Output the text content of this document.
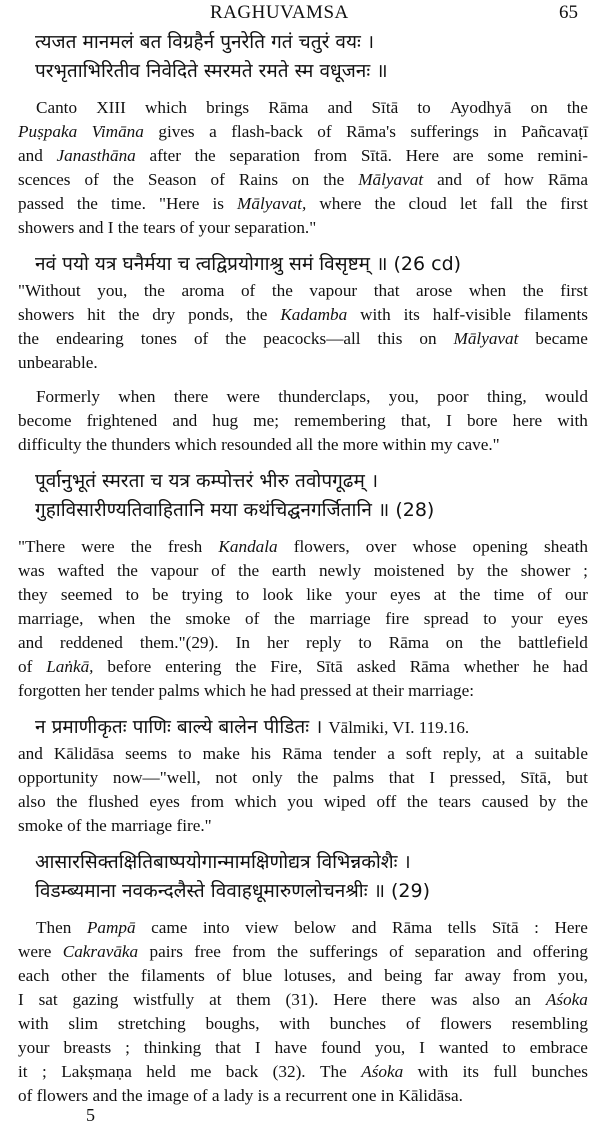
RAGHUVAMSA	65
त्यजत मानमलं बत विग्रहैर्न पुनरेति गतं चतुरं वयः ।
परभृताभिरितीव निवेदिते स्मरमते रमते स्म वधूजनः ॥
Canto XIII which brings Rāma and Sītā to Ayodhyā on the
Puṣpaka Vimāna gives a flash-back of Rāma's sufferings in Pañcavaṭī
and Janasthāna after the separation from Sītā. Here are some remini-
scences of the Season of Rains on the Mālyavat and of how Rāma
passed the time. "Here is Mālyavat, where the cloud let fall the first
showers and I the tears of your separation."
नवं पयो यत्र घनैर्मया च त्वद्विप्रयोगाश्रु समं विसृष्टम् ॥ (26 cd)
"Without you, the aroma of the vapour that arose when the first
showers hit the dry ponds, the Kadamba with its half-visible filaments
the endearing tones of the peacocks—all this on Mālyavat became
unbearable.
Formerly when there were thunderclaps, you, poor thing, would
become frightened and hug me; remembering that, I bore here with
difficulty the thunders which resounded all the more within my cave."
पूर्वानुभूतं स्मरता च यत्र कम्पोत्तरं भीरु तवोपगूढम् ।
गुहाविसारीण्यतिवाहितानि मया कथंचिद्घनगर्जितानि ॥ (28)
"There were the fresh Kandala flowers, over whose opening sheath
was wafted the vapour of the earth newly moistened by the shower ;
they seemed to be trying to look like your eyes at the time of our
marriage, when the smoke of the marriage fire spread to your eyes
and reddened them."(29). In her reply to Rāma on the battlefield
of Laṅkā, before entering the Fire, Sītā asked Rāma whether he had
forgotten her tender palms which he had pressed at their marriage:
न प्रमाणीकृतः पाणिः बाल्ये बालेन पीडितः । Vālmiki, VI. 119.16.
and Kālidāsa seems to make his Rāma tender a soft reply, at a suitable
opportunity now—"well, not only the palms that I pressed, Sītā, but
also the flushed eyes from which you wiped off the tears caused by the
smoke of the marriage fire."
आसारसिक्तक्षितिबाष्पयोगान्मामक्षिणोद्यत्र विभिन्नकोशैः ।
विडम्ब्यमाना नवकन्दलैस्ते विवाहधूमारुणलोचनश्रीः ॥ (29)
Then Pampā came into view below and Rāma tells Sītā : Here
were Cakravāka pairs free from the sufferings of separation and offering
each other the filaments of blue lotuses, and being far away from you,
I sat gazing wistfully at them (31). Here there was also an Aśoka
with slim stretching boughs, with bunches of flowers resembling
your breasts ; thinking that I have found you, I wanted to embrace
it ; Lakṣmaṇa held me back (32). The Aśoka with its full bunches
of flowers and the image of a lady is a recurrent one in Kālidāsa.
5
